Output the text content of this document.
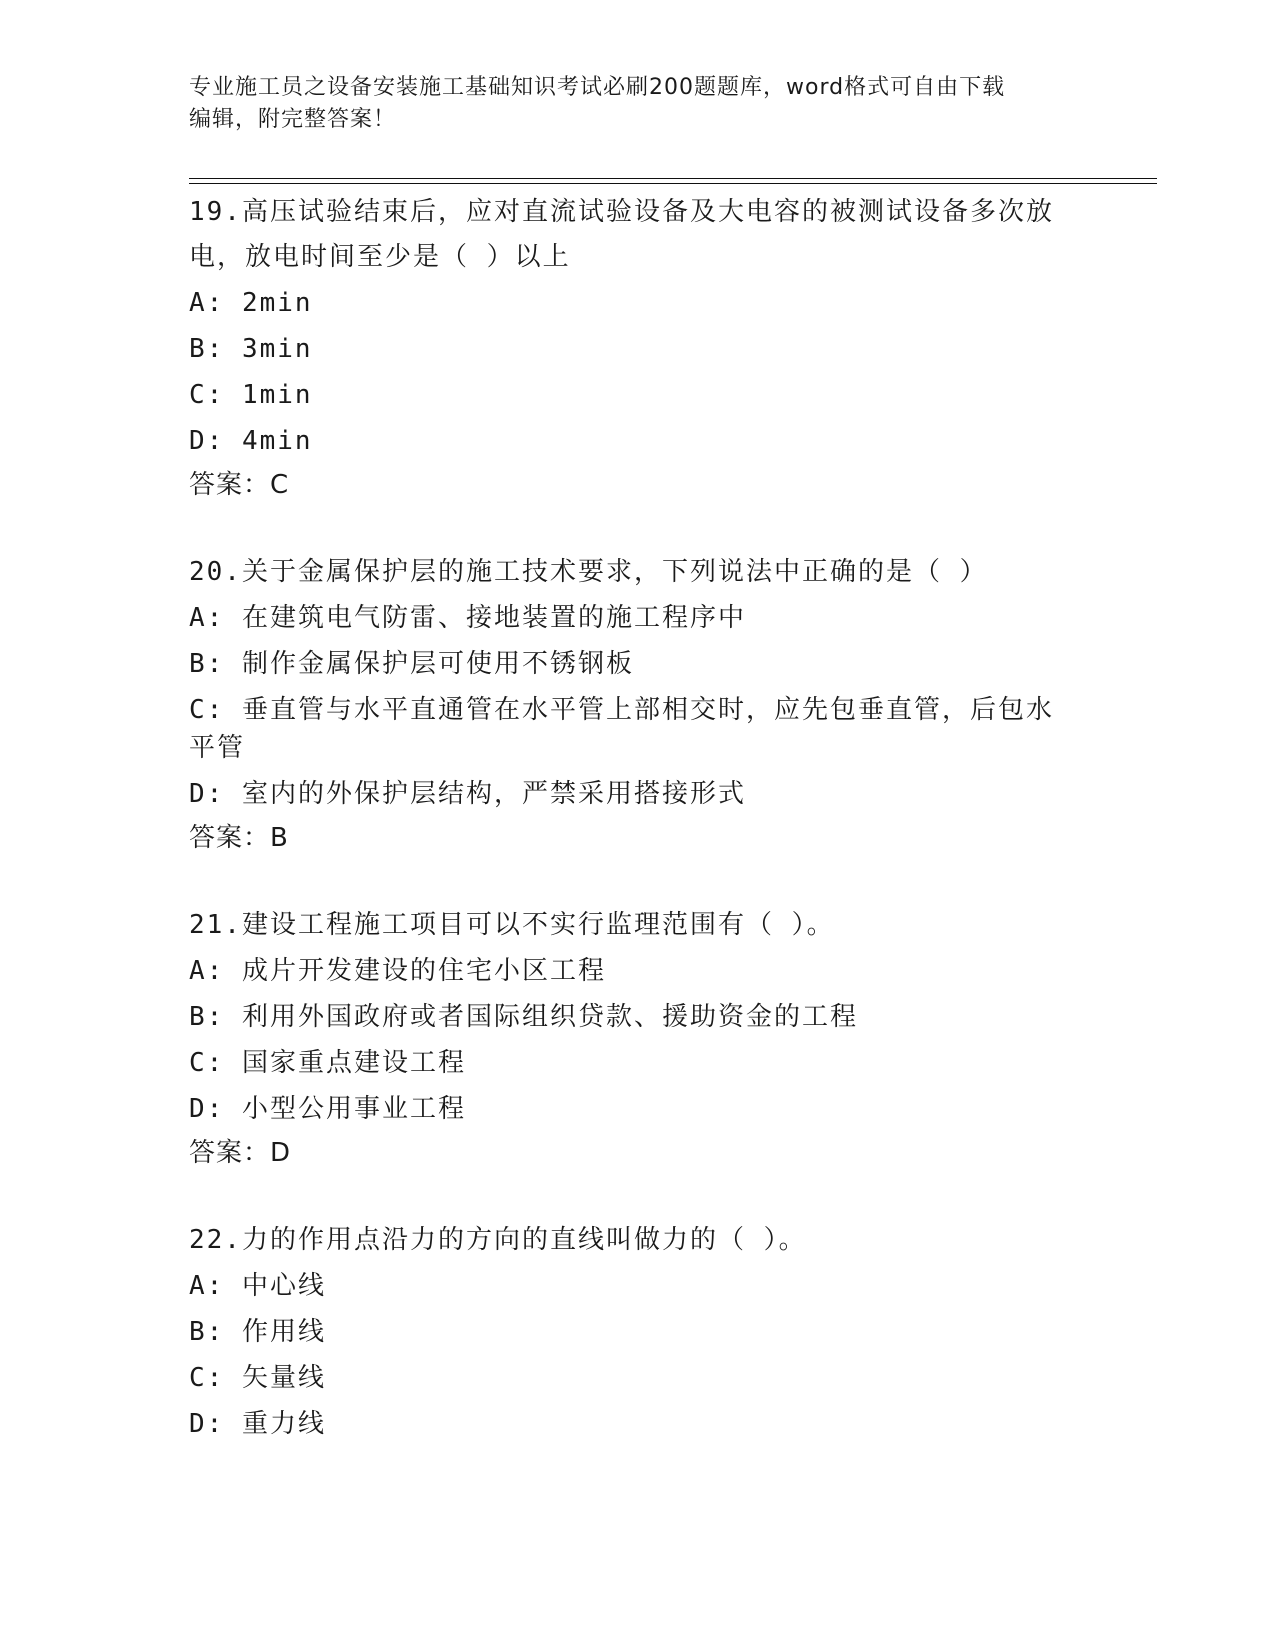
专业施工员之设备安装施工基础知识考试必刷200题题库，word格式可自由下载
编辑，附完整答案！
19.高压试验结束后，应对直流试验设备及大电容的被测试设备多次放
电，放电时间至少是（ ）以上
A: 2min
B: 3min
C: 1min
D: 4min
答案：C
20.关于金属保护层的施工技术要求，下列说法中正确的是（ ）
A: 在建筑电气防雷、接地装置的施工程序中
B: 制作金属保护层可使用不锈钢板
C: 垂直管与水平直通管在水平管上部相交时，应先包垂直管，后包水
平管
D: 室内的外保护层结构，严禁采用搭接形式
答案：B
21.建设工程施工项目可以不实行监理范围有（ ）。
A: 成片开发建设的住宅小区工程
B: 利用外国政府或者国际组织贷款、援助资金的工程
C: 国家重点建设工程
D: 小型公用事业工程
答案：D
22.力的作用点沿力的方向的直线叫做力的（ ）。
A: 中心线
B: 作用线
C: 矢量线
D: 重力线
